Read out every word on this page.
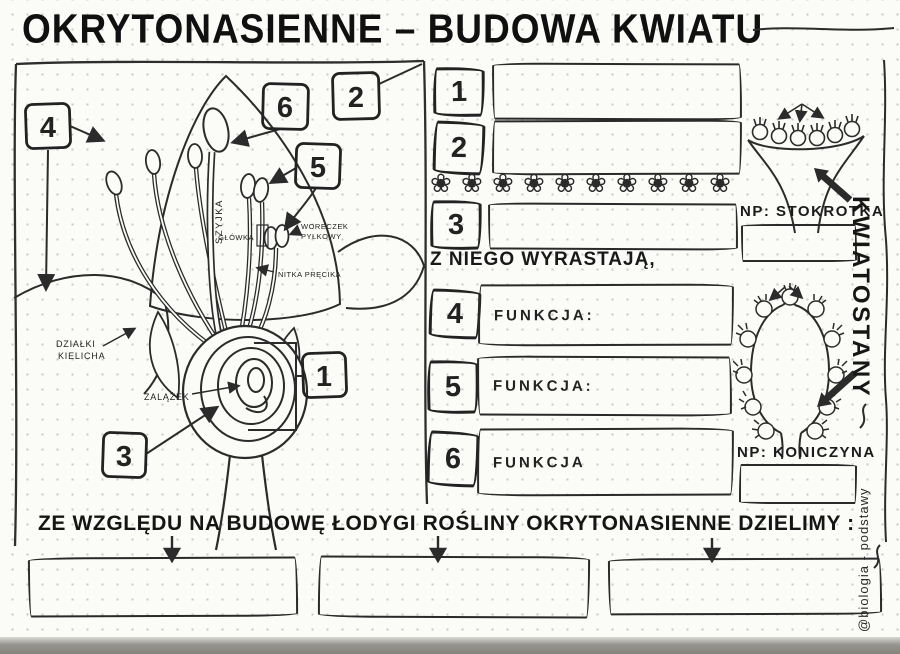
OKRYTONASIENNE – BUDOWA KWIATU
SZYJKA
GŁÓWKA
WORECZEK
PYŁKOWY
NITKA PRĘCIKA
DZIAŁKI
KIELICHA
ZALĄŻEK
4
6 2
5
1
3
1
2
❀ ❀ ❀ ❀ ❀ ❀ ❀ ❀ ❀ ❀
3
Z NIEGO WYRASTAJĄ,
4 FUNKCJA:
5 FUNKCJA:
6 FUNKCJA
NP: STOKROTKA
NP: KONICZYNA
KWIATOSTANY
@biologia - podstawy
ZE WZGLĘDU NA BUDOWĘ ŁODYGI ROŚLINY OKRYTONASIENNE DZIELIMY :
